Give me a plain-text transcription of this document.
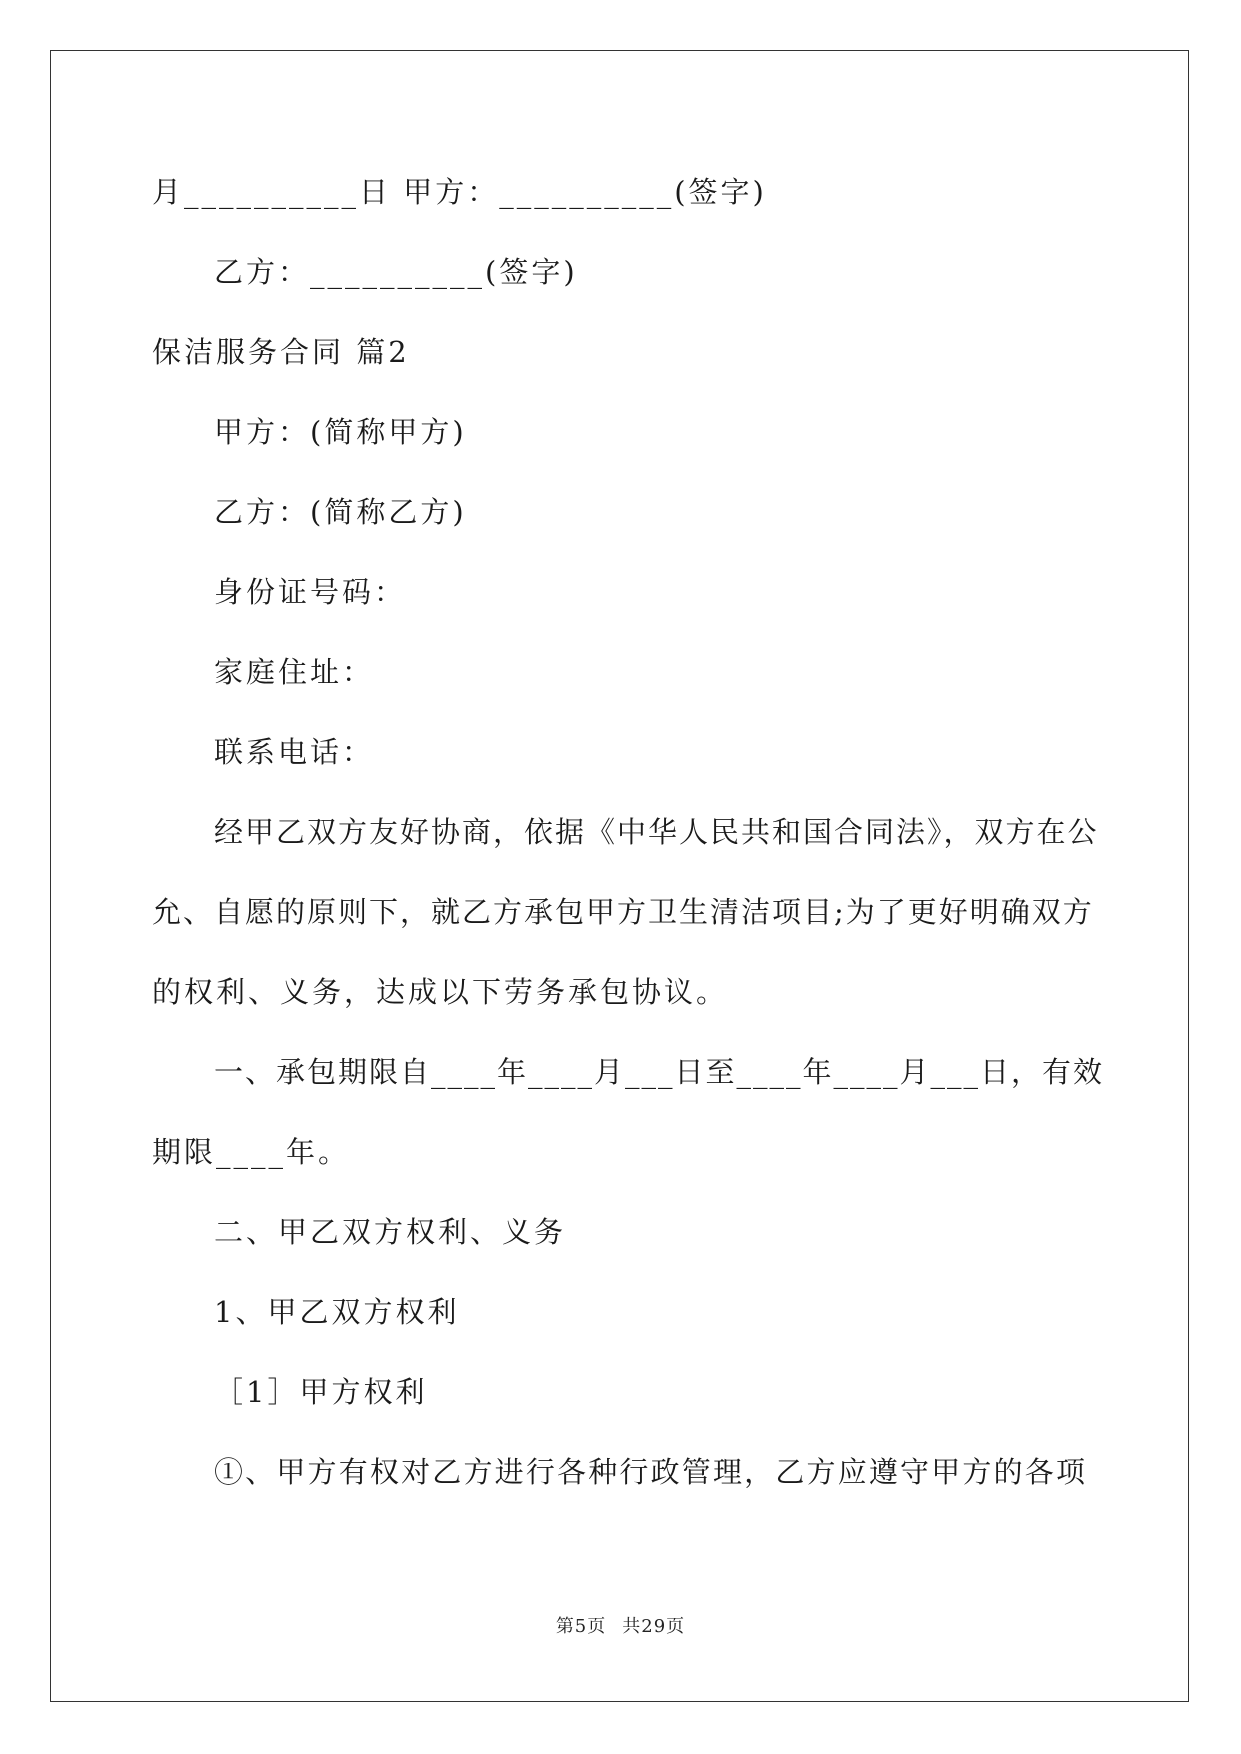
月__________日 甲方：__________(签字)
乙方：__________(签字)
保洁服务合同 篇2
甲方：(简称甲方)
乙方：(简称乙方)
身份证号码：
家庭住址：
联系电话：
经甲乙双方友好协商，依据《中华人民共和国合同法》，双方在公
允、自愿的原则下，就乙方承包甲方卫生清洁项目;为了更好明确双方
的权利、义务，达成以下劳务承包协议。
一、承包期限自____年____月___日至____年____月___日，有效
期限____年。
二、甲乙双方权利、义务
1、甲乙双方权利
［1］甲方权利
①、甲方有权对乙方进行各种行政管理，乙方应遵守甲方的各项
第5页 共29页
